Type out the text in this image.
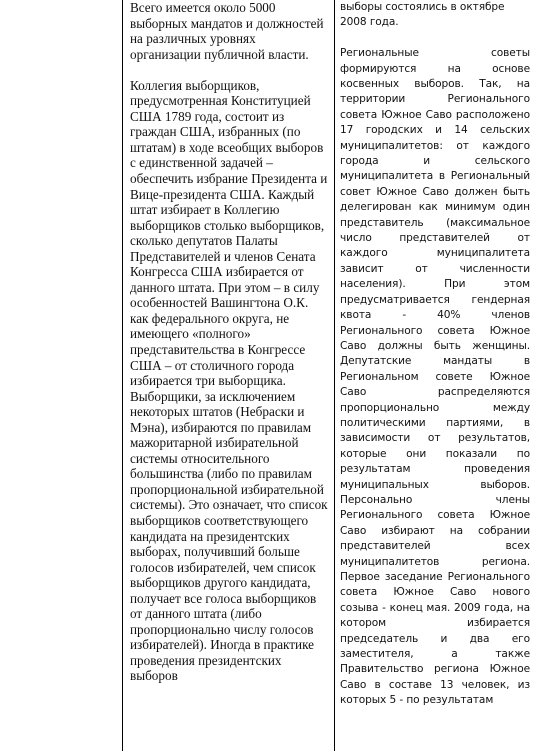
Всего имеется около 5000 выборных мандатов и должностей на различных уровнях организации публичной власти.

Коллегия выборщиков, предусмотренная Конституцией США 1789 года, состоит из граждан США, избранных (по штатам) в ходе всеобщих выборов с единственной задачей – обеспечить избрание Президента и Вице-президента США. Каждый штат избирает в Коллегию выборщиков столько выборщиков, сколько депутатов Палаты Представителей и членов Сената Конгресса США избирается от данного штата. При этом – в силу особенностей Вашингтона О.К. как федерального округа, не имеющего «полного» представительства в Конгрессе США – от столичного города избирается три выборщика. Выборщики, за исключением некоторых штатов (Небраски и Мэна), избираются по правилам мажоритарной избирательной системы относительного большинства (либо по правилам пропорциональной избирательной системы). Это означает, что список выборщиков соответствующего кандидата на президентских выборах, получивший больше голосов избирателей, чем список выборщиков другого кандидата, получает все голоса выборщиков от данного штата (либо пропорционально числу голосов избирателей). Иногда в практике проведения президентских выборов

выборы состоялись в октябре 2008 года.

Региональные советы формируются на основе косвенных выборов. Так, на территории Регионального совета Южное Саво расположено 17 городских и 14 сельских муниципалитетов: от каждого города и сельского муниципалитета в Региональный совет Южное Саво должен быть делегирован как минимум один представитель (максимальное число представителей от каждого муниципалитета зависит от численности населения). При этом предусматривается гендерная квота - 40% членов Регионального совета Южное Саво должны быть женщины. Депутатские мандаты в Региональном совете Южное Саво распределяются пропорционально между политическими партиями, в зависимости от результатов, которые они показали по результатам проведения муниципальных выборов. Персонально члены Регионального совета Южное Саво избирают на собрании представителей всех муниципалитетов региона. Первое заседание Регионального совета Южное Саво нового созыва - конец мая. 2009 года, на котором избирается председатель и два его заместителя, а также Правительство региона Южное Саво в составе 13 человек, из которых 5 - по результатам
